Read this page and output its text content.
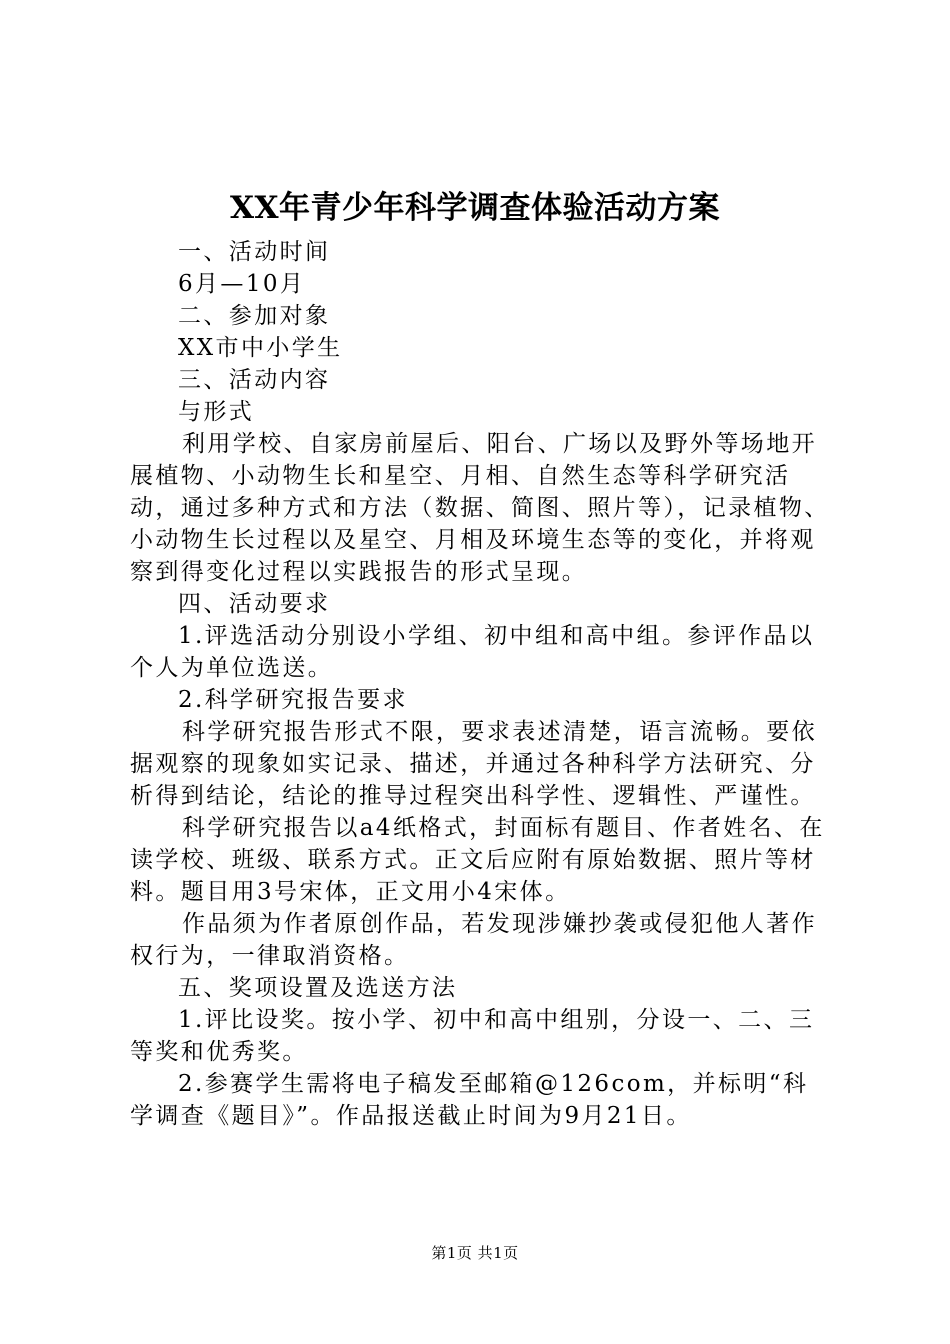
XX年青少年科学调查体验活动方案

一、活动时间

6月—10月

二、参加对象

XX市中小学生

三、活动内容

与形式

利用学校、自家房前屋后、阳台、广场以及野外等场地开展植物、小动物生长和星空、月相、自然生态等科学研究活动，通过多种方式和方法（数据、简图、照片等），记录植物、小动物生长过程以及星空、月相及环境生态等的变化，并将观察到得变化过程以实践报告的形式呈现。

四、活动要求

1.评选活动分别设小学组、初中组和高中组。参评作品以个人为单位选送。

2.科学研究报告要求

科学研究报告形式不限，要求表述清楚，语言流畅。要依据观察的现象如实记录、描述，并通过各种科学方法研究、分析得到结论，结论的推导过程突出科学性、逻辑性、严谨性。

科学研究报告以a4纸格式，封面标有题目、作者姓名、在读学校、班级、联系方式。正文后应附有原始数据、照片等材料。题目用3号宋体，正文用小4宋体。

作品须为作者原创作品，若发现涉嫌抄袭或侵犯他人著作权行为，一律取消资格。

五、奖项设置及选送方法

1.评比设奖。按小学、初中和高中组别，分设一、二、三等奖和优秀奖。

2.参赛学生需将电子稿发至邮箱@126com，并标明“科学调查《题目》”。作品报送截止时间为9月21日。

第1页 共1页
